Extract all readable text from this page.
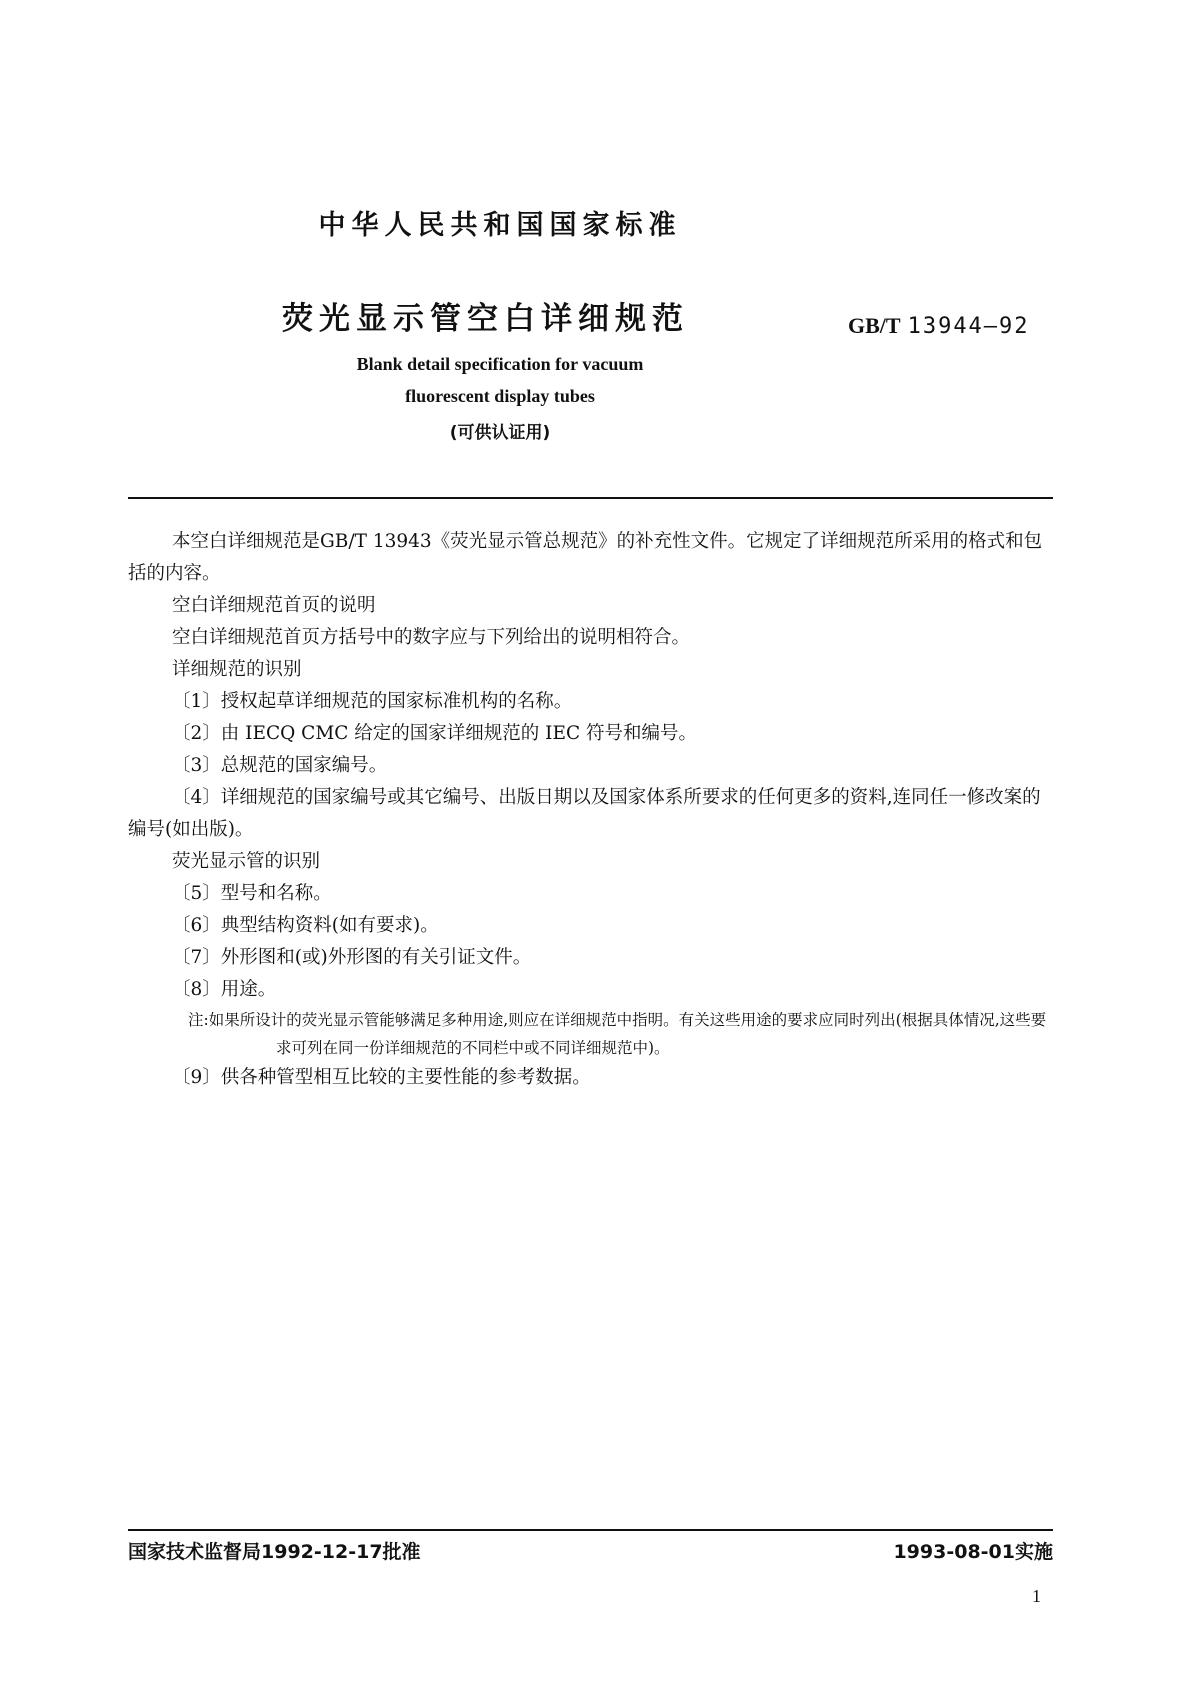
中华人民共和国国家标准
荧光显示管空白详细规范	GB/T 13944—92
Blank detail specification for vacuum
fluorescent display tubes
(可供认证用)

本空白详细规范是GB/T 13943《荧光显示管总规范》的补充性文件。它规定了详细规范所采用的格式和包括的内容。

空白详细规范首页的说明

空白详细规范首页方括号中的数字应与下列给出的说明相符合。

详细规范的识别

〔1〕授权起草详细规范的国家标准机构的名称。

〔2〕由 IECQ CMC 给定的国家详细规范的 IEC 符号和编号。

〔3〕总规范的国家编号。

〔4〕详细规范的国家编号或其它编号、出版日期以及国家体系所要求的任何更多的资料,连同任一修改案的编号(如出版)。

荧光显示管的识别

〔5〕型号和名称。

〔6〕典型结构资料(如有要求)。

〔7〕外形图和(或)外形图的有关引证文件。

〔8〕用途。

注:如果所设计的荧光显示管能够满足多种用途,则应在详细规范中指明。有关这些用途的要求应同时列出(根据具体情况,这些要求可列在同一份详细规范的不同栏中或不同详细规范中)。

〔9〕供各种管型相互比较的主要性能的参考数据。

国家技术监督局1992-12-17批准	1993-08-01实施
1
